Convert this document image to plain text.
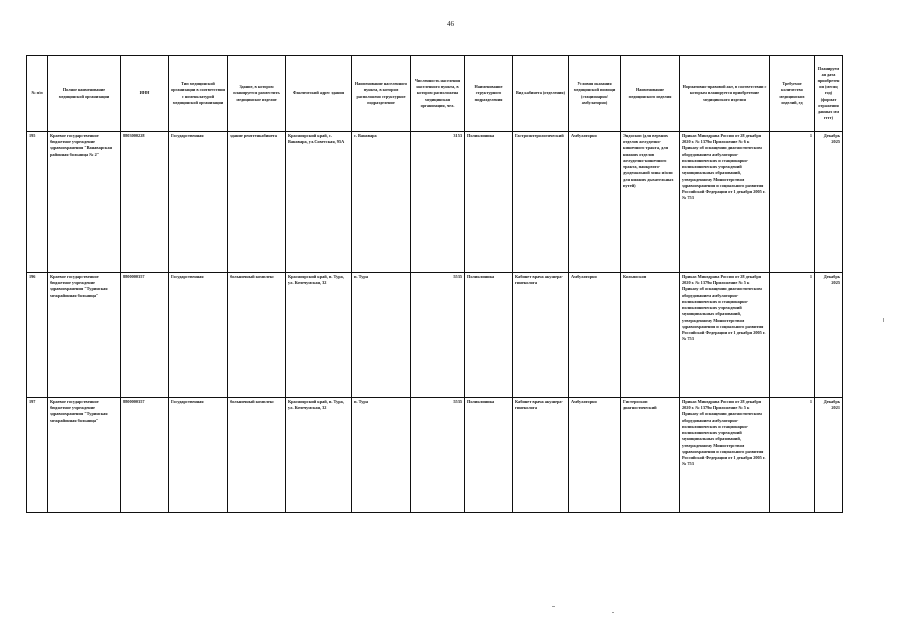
46
№ п/п	Полное наименование медицинской организации	ИНН	Тип медицинской организации в соответствии с номенклатурой медицинской организации	Здание, в котором планируется разместить медицинское изделие	Фактический адрес здания	Наименование населенного пункта, в котором расположено структурное подразделение	Численность населения населенного пункта, в котором расположена медицинская организация, чел.	Наименование структурного подразделения	Вид кабинета (отделения)	Условия оказания медицинской помощи (стационарно/амбулаторно)	Наименование медицинского изделия	Нормативно-правовой акт, в соответствии с которым планируется приобретение медицинского изделия	Требуемое количество медицинских изделий, ед	Планируемая дата приобретения (месяц год) (формат отражения данных мм гггг)
195	Краевое государственное бюджетное учреждение здравоохранения "Ванаварская районная больница № 2"	8803000228	Государственная	здание рентгенкабинета	Красноярский край, с. Ванавара, ул.Советская, 95А	с. Ванавара	3153	Поликлиника	Гастроэнтерологический	Амбулаторно	Эндоскоп (для верхних отделов желудочно-кишечного тракта, для нижних отделов желудочно-кишечного тракта, панкреато-дуоденальной зоны и/или для нижних дыхательных путей)	Приказ Минздрава России от 28 декабря 2020 г. № 1379н Приложение № 6 к Приказу об оснащении диагностическим оборудованием амбулаторно-поликлинических и стационарно-поликлинических учреждений муниципальных образований, утвержденному Министерством здравоохранения и социального развития Российской Федерации от 1 декабря 2005 г. № 753	1	Декабрь 2025
196	Краевое государственное бюджетное учреждение здравоохранения "Туринская межрайонная больница"	8800000357	Государственная	больничный комплекс	Красноярский край, п. Тура, ул. Кочечумская, 32	п. Тура	5535	Поликлиника	Кабинет врача акушера-гинеколога	Амбулаторно	Кольпоскоп	Приказ Минздрава России от 28 декабря 2020 г. № 1379н Приложение № 5 к Приказу об оснащении диагностическим оборудованием амбулаторно-поликлинических и стационарно-поликлинических учреждений муниципальных образований, утвержденному Министерством здравоохранения и социального развития Российской Федерации от 1 декабря 2005 г. № 753	1	Декабрь 2025
197	Краевое государственное бюджетное учреждение здравоохранения "Туринская межрайонная больница"	8800000357	Государственная	больничный комплекс	Красноярский край, п. Тура, ул. Кочечумская, 32	п. Тура	5535	Поликлиника	Кабинет врача акушера-гинеколога	Амбулаторно	Гистероскоп диагностический	Приказ Минздрава России от 28 декабря 2020 г. № 1379н Приложение № 5 к Приказу об оснащении диагностическим оборудованием амбулаторно-поликлинических и стационарно-поликлинических учреждений муниципальных образований, утвержденному Министерством здравоохранения и социального развития Российской Федерации от 1 декабря 2005 г. № 753	1	Декабрь 2021
